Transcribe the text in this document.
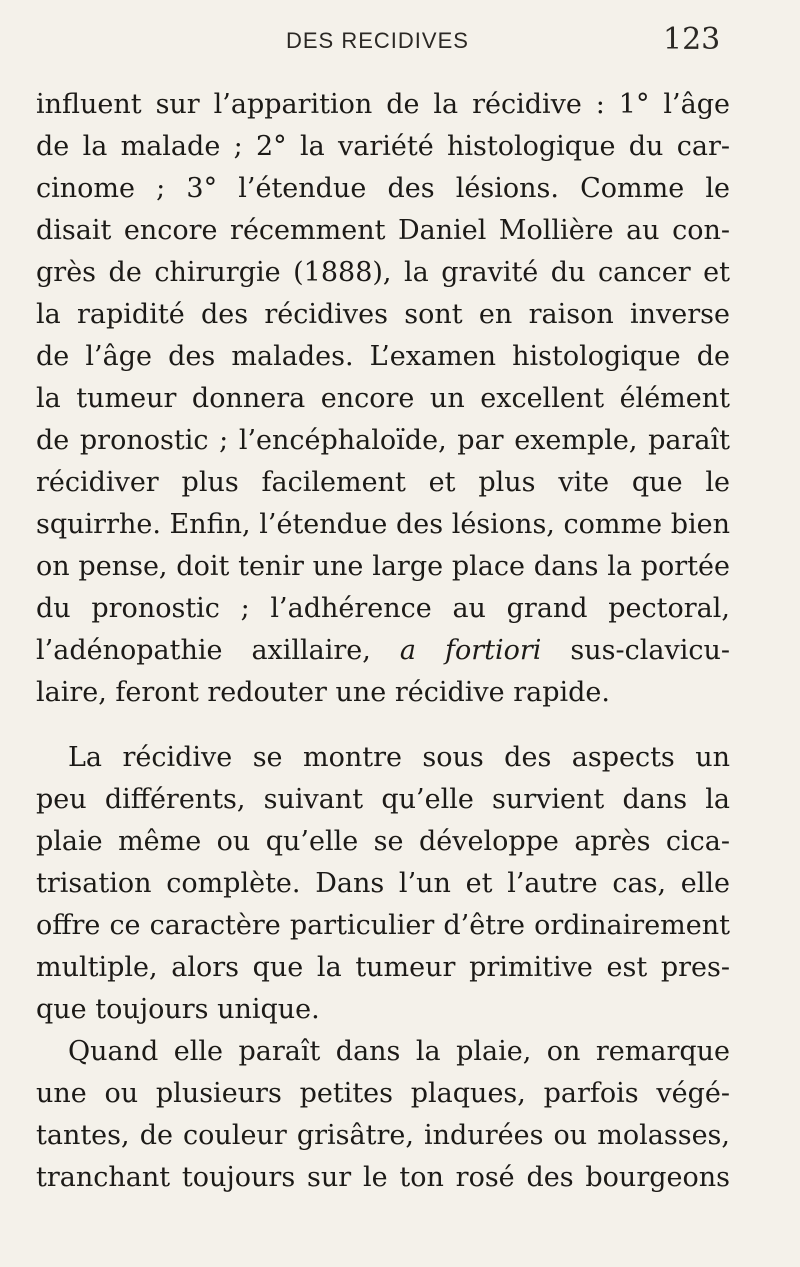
DES RECIDIVES	123
influent sur l’apparition de la récidive : 1° l’âge
de la malade ; 2° la variété histologique du car-
cinome ; 3° l’étendue des lésions. Comme le
disait encore récemment Daniel Mollière au con-
grès de chirurgie (1888), la gravité du cancer et
la rapidité des récidives sont en raison inverse
de l’âge des malades. L’examen histologique de
la tumeur donnera encore un excellent élément
de pronostic ; l’encéphaloïde, par exemple, paraît
récidiver plus facilement et plus vite que le
squirrhe. Enfin, l’étendue des lésions, comme bien
on pense, doit tenir une large place dans la portée
du pronostic ; l’adhérence au grand pectoral,
l’adénopathie axillaire, a fortiori sus-clavicu-
laire, feront redouter une récidive rapide.
La récidive se montre sous des aspects un
peu différents, suivant qu’elle survient dans la
plaie même ou qu’elle se développe après cica-
trisation complète. Dans l’un et l’autre cas, elle
offre ce caractère particulier d’être ordinairement
multiple, alors que la tumeur primitive est pres-
que toujours unique.
Quand elle paraît dans la plaie, on remarque
une ou plusieurs petites plaques, parfois végé-
tantes, de couleur grisâtre, indurées ou molasses,
tranchant toujours sur le ton rosé des bourgeons
